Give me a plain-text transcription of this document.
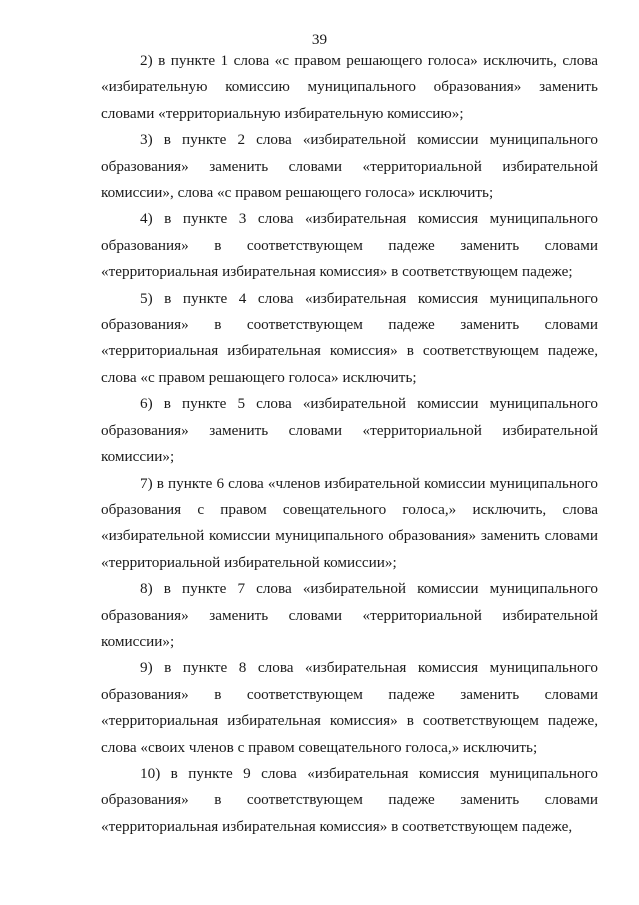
39

2) в пункте 1 слова «с правом решающего голоса» исключить, слова «избирательную комиссию муниципального образования» заменить словами «территориальную избирательную комиссию»;

3) в пункте 2 слова «избирательной комиссии муниципального образования» заменить словами «территориальной избирательной комиссии», слова «с правом решающего голоса» исключить;

4) в пункте 3 слова «избирательная комиссия муниципального образования» в соответствующем падеже заменить словами «территориальная избирательная комиссия» в соответствующем падеже;

5) в пункте 4 слова «избирательная комиссия муниципального образования» в соответствующем падеже заменить словами «территориальная избирательная комиссия» в соответствующем падеже, слова «с правом решающего голоса» исключить;

6) в пункте 5 слова «избирательной комиссии муниципального образования» заменить словами «территориальной избирательной комиссии»;

7) в пункте 6 слова «членов избирательной комиссии муниципального образования с правом совещательного голоса,» исключить, слова «избирательной комиссии муниципального образования» заменить словами «территориальной избирательной комиссии»;

8) в пункте 7 слова «избирательной комиссии муниципального образования» заменить словами «территориальной избирательной комиссии»;

9) в пункте 8 слова «избирательная комиссия муниципального образования» в соответствующем падеже заменить словами «территориальная избирательная комиссия» в соответствующем падеже, слова «своих членов с правом совещательного голоса,» исключить;

10) в пункте 9 слова «избирательная комиссия муниципального образования» в соответствующем падеже заменить словами «территориальная избирательная комиссия» в соответствующем падеже,
